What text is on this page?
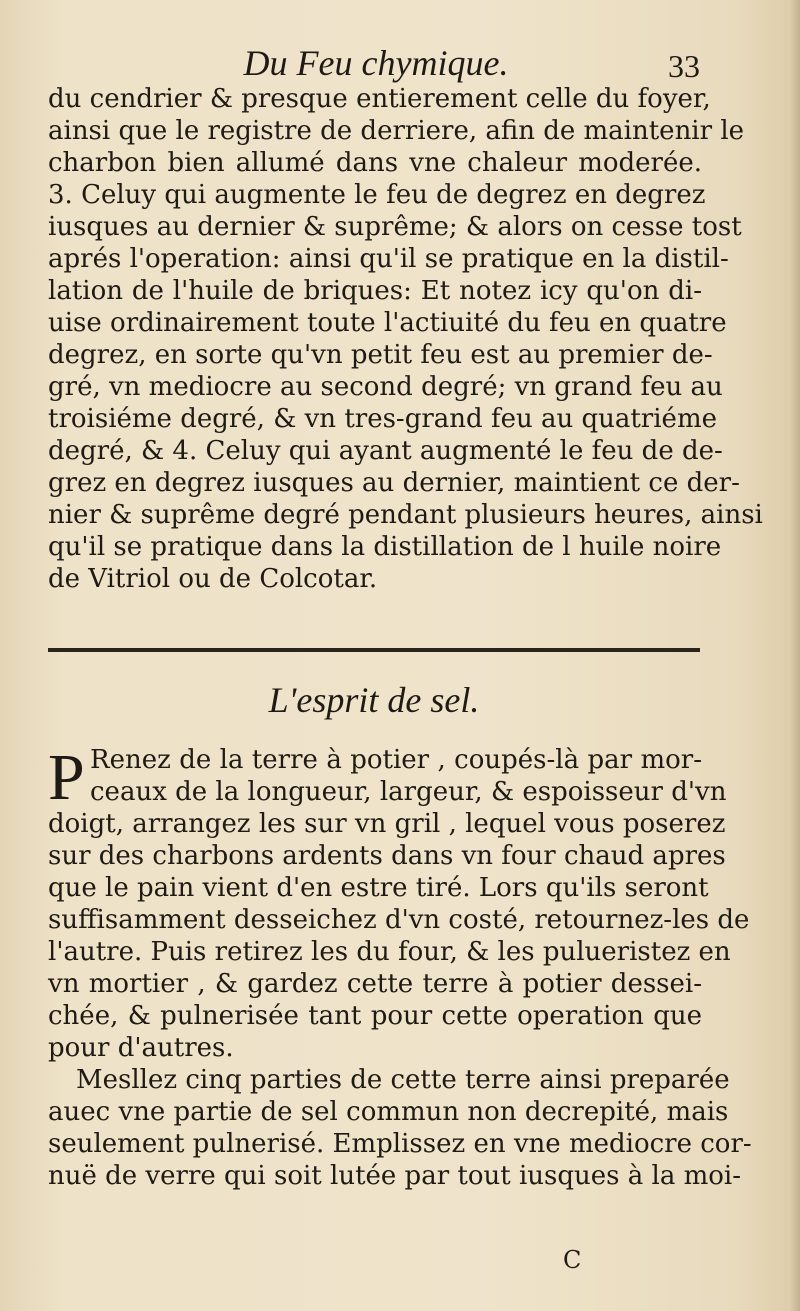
Du Feu chymique.	33
du cendrier & presque entierement celle du foyer,
ainsi que le registre de derriere, afin de maintenir le
charbon bien allumé dans vne chaleur moderée.
3. Celuy qui augmente le feu de degrez en degrez
iusques au dernier & suprême; & alors on cesse tost
aprés l'operation: ainsi qu'il se pratique en la distil-
lation de l'huile de briques: Et notez icy qu'on di-
uise ordinairement toute l'actiuité du feu en quatre
degrez, en sorte qu'vn petit feu est au premier de-
gré, vn mediocre au second degré; vn grand feu au
troisiéme degré, & vn tres-grand feu au quatriéme
degré, & 4. Celuy qui ayant augmenté le feu de de-
grez en degrez iusques au dernier, maintient ce der-
nier & suprême degré pendant plusieurs heures, ainsi
qu'il se pratique dans la distillation de l huile noire
de Vitriol ou de Colcotar.
L'esprit de sel.
P Renez de la terre à potier , coupés-là par mor-
ceaux de la longueur, largeur, & espoisseur d'vn
doigt, arrangez les sur vn gril , lequel vous poserez
sur des charbons ardents dans vn four chaud apres
que le pain vient d'en estre tiré. Lors qu'ils seront
suffisamment desseichez d'vn costé, retournez-les de
l'autre. Puis retirez les du four, & les pulueristez en
vn mortier , & gardez cette terre à potier dessei-
chée, & pulnerisée tant pour cette operation que
pour d'autres.
Mesllez cinq parties de cette terre ainsi preparée
auec vne partie de sel commun non decrepité, mais
seulement pulnerisé. Emplissez en vne mediocre cor-
nuë de verre qui soit lutée par tout iusques à la moi-
C
